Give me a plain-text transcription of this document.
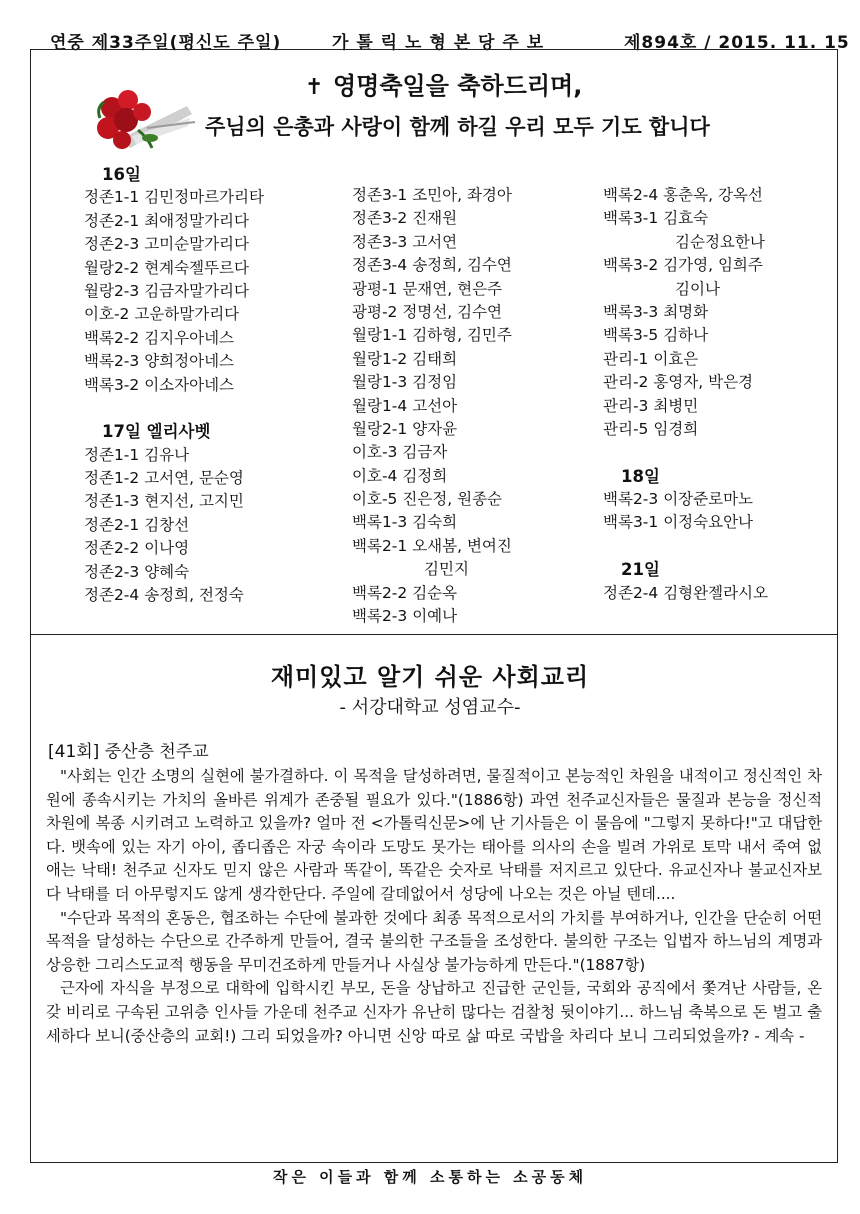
연중 제33주일(평신도 주일)	가 톨 릭 노 형 본 당 주 보	제894호 / 2015. 11. 15
✝ 영명축일을 축하드리며,
주님의 은총과 사랑이 함께 하길 우리 모두 기도 합니다
16일
정존1-1 김민정마르가리타
정존2-1 최애정말가리다
정존2-3 고미순말가리다
월랑2-2 현계숙젤뚜르다
월랑2-3 김금자말가리다
이호-2 고운하말가리다
백록2-2 김지우아네스
백록2-3 양희정아네스
백록3-2 이소자아네스
17일 엘리사벳
정존1-1 김유나
정존1-2 고서연, 문순영
정존1-3 현지선, 고지민
정존2-1 김창선
정존2-2 이나영
정존2-3 양혜숙
정존2-4 송정희, 전정숙
정존3-1 조민아, 좌경아
정존3-2 진재원
정존3-3 고서연
정존3-4 송정희, 김수연
광평-1 문재연, 현은주
광평-2 정명선, 김수연
월랑1-1 김하형, 김민주
월랑1-2 김태희
월랑1-3 김정임
월랑1-4 고선아
월랑2-1 양자윤
이호-3 김금자
이호-4 김정희
이호-5 진은정, 원종순
백록1-3 김숙희
백록2-1 오새봄, 변여진
김민지
백록2-2 김순옥
백록2-3 이예나
백록2-4 홍춘옥, 강옥선
백록3-1 김효숙
김순정요한나
백록3-2 김가영, 임희주
김이나
백록3-3 최명화
백록3-5 김하나
관리-1 이효은
관리-2 홍영자, 박은경
관리-3 최병민
관리-5 임경희
18일
백록2-3 이장준로마노
백록3-1 이정숙요안나
21일
정존2-4 김형완젤라시오
재미있고 알기 쉬운 사회교리
- 서강대학교 성염교수-
[41회] 중산층 천주교

"사회는 인간 소명의 실현에 불가결하다. 이 목적을 달성하려면, 물질적이고 본능적인 차원을 내적이고 정신적인 차원에 종속시키는 가치의 올바른 위계가 존중될 필요가 있다."(1886항) 과연 천주교신자들은 물질과 본능을 정신적 차원에 복종 시키려고 노력하고 있을까? 얼마 전 <가톨릭신문>에 난 기사들은 이 물음에 "그렇지 못하다!"고 대답한다. 뱃속에 있는 자기 아이, 좁디좁은 자궁 속이라 도망도 못가는 태아를 의사의 손을 빌려 가위로 토막 내서 죽여 없애는 낙태! 천주교 신자도 믿지 않은 사람과 똑같이, 똑같은 숫자로 낙태를 저지르고 있단다. 유교신자나 불교신자보다 낙태를 더 아무렇지도 않게 생각한단다. 주일에 갈데없어서 성당에 나오는 것은 아닐 텐데....

"수단과 목적의 혼동은, 협조하는 수단에 불과한 것에다 최종 목적으로서의 가치를 부여하거나, 인간을 단순히 어떤 목적을 달성하는 수단으로 간주하게 만들어, 결국 불의한 구조들을 조성한다. 불의한 구조는 입법자 하느님의 계명과 상응한 그리스도교적 행동을 무미건조하게 만들거나 사실상 불가능하게 만든다."(1887항)

근자에 자식을 부정으로 대학에 입학시킨 부모, 돈을 상납하고 진급한 군인들, 국회와 공직에서 쫓겨난 사람들, 온갖 비리로 구속된 고위층 인사들 가운데 천주교 신자가 유난히 많다는 검찰청 뒷이야기... 하느님 축복으로 돈 벌고 출세하다 보니(중산층의 교회!) 그리 되었을까? 아니면 신앙 따로 삶 따로 국밥을 차리다 보니 그리되었을까? - 계속 -

작은 이들과 함께 소통하는 소공동체
